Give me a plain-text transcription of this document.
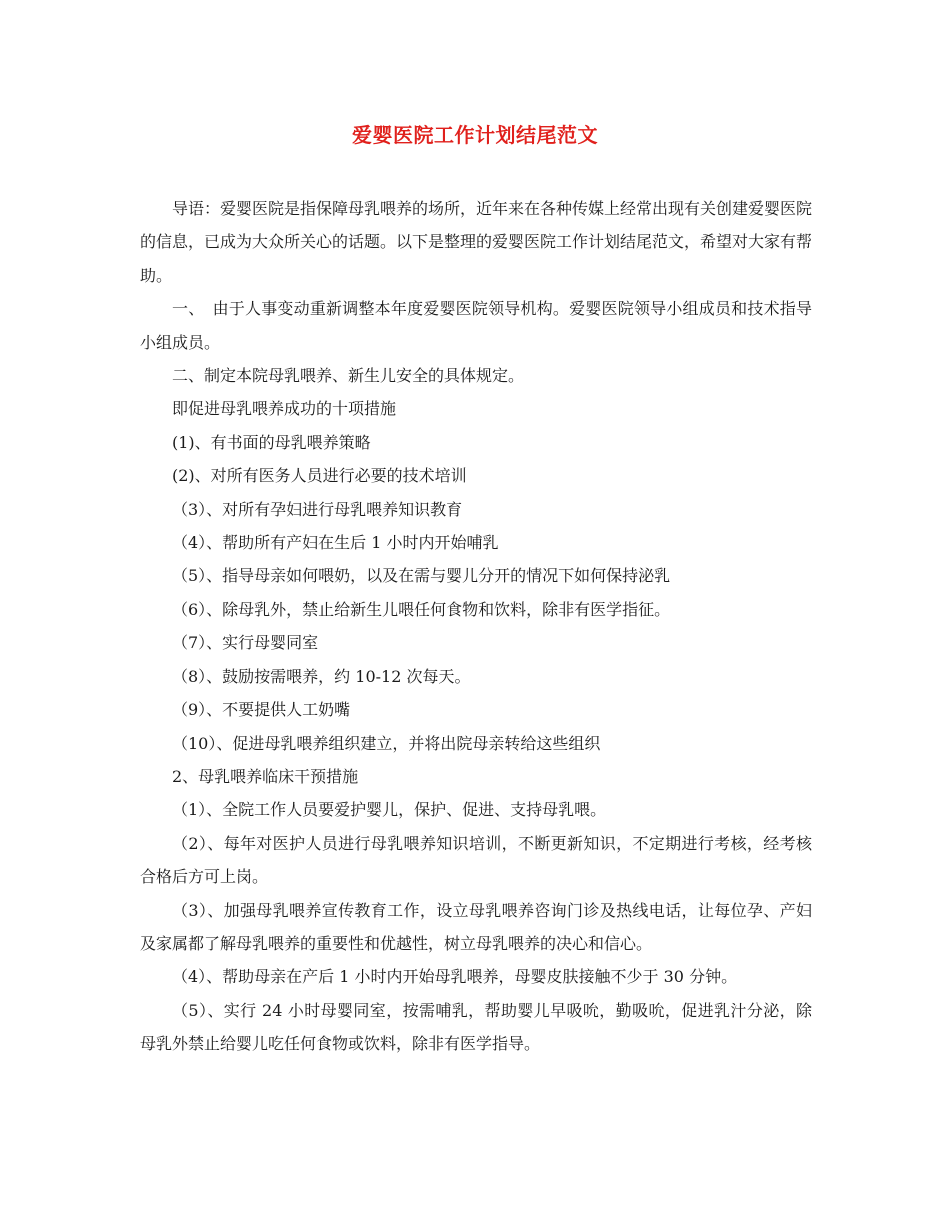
爱婴医院工作计划结尾范文

导语：爱婴医院是指保障母乳喂养的场所，近年来在各种传媒上经常出现有关创建爱婴医院的信息，已成为大众所关心的话题。以下是整理的爱婴医院工作计划结尾范文，希望对大家有帮助。

一、　由于人事变动重新调整本年度爱婴医院领导机构。爱婴医院领导小组成员和技术指导小组成员。

二、制定本院母乳喂养、新生儿安全的具体规定。

即促进母乳喂养成功的十项措施

(1)、有书面的母乳喂养策略

(2)、对所有医务人员进行必要的技术培训

（3）、对所有孕妇进行母乳喂养知识教育

（4）、帮助所有产妇在生后 1 小时内开始哺乳

（5）、指导母亲如何喂奶，以及在需与婴儿分开的情况下如何保持泌乳

（6）、除母乳外，禁止给新生儿喂任何食物和饮料，除非有医学指征。

（7）、实行母婴同室

（8）、鼓励按需喂养，约 10-12 次每天。

（9）、不要提供人工奶嘴

（10）、促进母乳喂养组织建立，并将出院母亲转给这些组织

2、母乳喂养临床干预措施

（1）、全院工作人员要爱护婴儿，保护、促进、支持母乳喂。

（2）、每年对医护人员进行母乳喂养知识培训，不断更新知识，不定期进行考核，经考核合格后方可上岗。

（3）、加强母乳喂养宣传教育工作，设立母乳喂养咨询门诊及热线电话，让每位孕、产妇及家属都了解母乳喂养的重要性和优越性，树立母乳喂养的决心和信心。

（4）、帮助母亲在产后 1 小时内开始母乳喂养，母婴皮肤接触不少于 30 分钟。

（5）、实行 24 小时母婴同室，按需哺乳，帮助婴儿早吸吮，勤吸吮，促进乳汁分泌，除母乳外禁止给婴儿吃任何食物或饮料，除非有医学指导。
